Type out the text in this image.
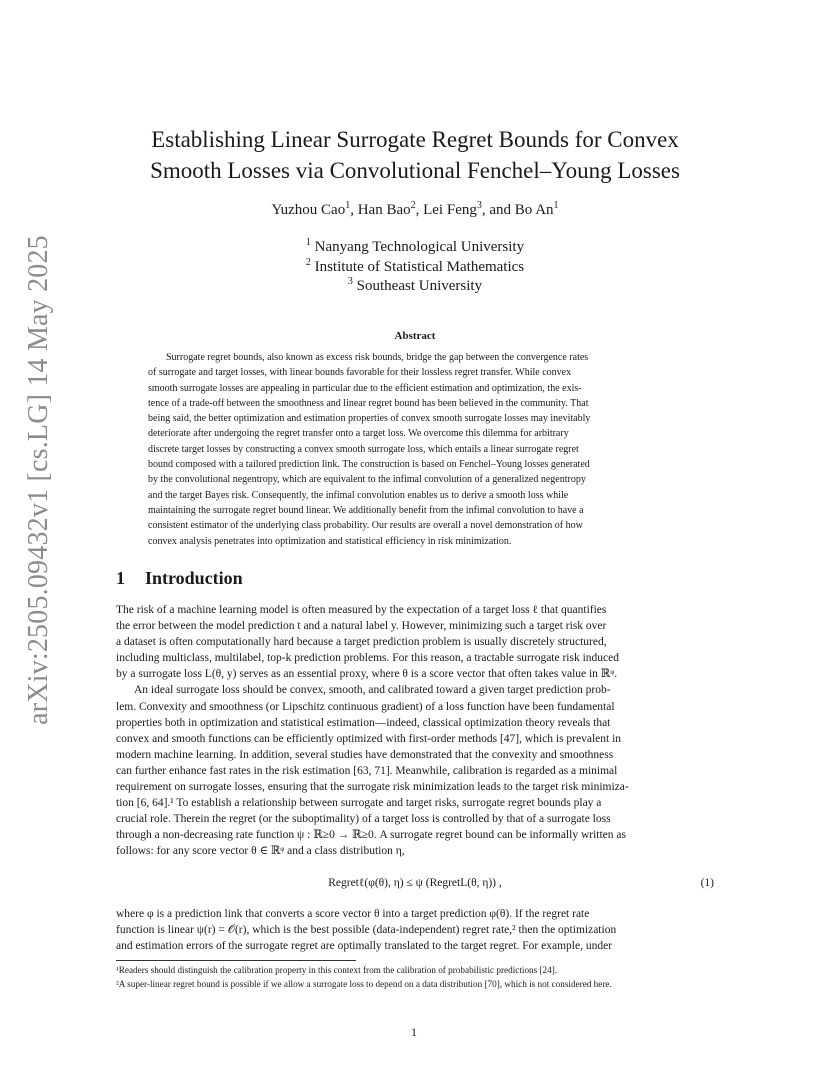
arXiv:2505.09432v1 [cs.LG] 14 May 2025
Establishing Linear Surrogate Regret Bounds for Convex
Smooth Losses via Convolutional Fenchel–Young Losses
Yuzhou Cao$^1$, Han Bao$^2$, Lei Feng$^3$, and Bo An$^1$
$^1$ Nanyang Technological University
$^2$ Institute of Statistical Mathematics
$^3$ Southeast University
Abstract
Surrogate regret bounds, also known as excess risk bounds, bridge the gap between the convergence rates
of surrogate and target losses, with linear bounds favorable for their lossless regret transfer. While convex
smooth surrogate losses are appealing in particular due to the efficient estimation and optimization, the exis-
tence of a trade-off between the smoothness and linear regret bound has been believed in the community. That
being said, the better optimization and estimation properties of convex smooth surrogate losses may inevitably
deteriorate after undergoing the regret transfer onto a target loss. We overcome this dilemma for arbitrary
discrete target losses by constructing a convex smooth surrogate loss, which entails a linear surrogate regret
bound composed with a tailored prediction link. The construction is based on Fenchel–Young losses generated
by the convolutional negentropy, which are equivalent to the infimal convolution of a generalized negentropy
and the target Bayes risk. Consequently, the infimal convolution enables us to derive a smooth loss while
maintaining the surrogate regret bound linear. We additionally benefit from the infimal convolution to have a
consistent estimator of the underlying class probability. Our results are overall a novel demonstration of how
convex analysis penetrates into optimization and statistical efficiency in risk minimization.
1 Introduction
The risk of a machine learning model is often measured by the expectation of a target loss ℓ that quantifies
the error between the model prediction t and a natural label y. However, minimizing such a target risk over
a dataset is often computationally hard because a target prediction problem is usually discretely structured,
including multiclass, multilabel, top-k prediction problems. For this reason, a tractable surrogate risk induced
by a surrogate loss L(θ, y) serves as an essential proxy, where θ is a score vector that often takes value in ℝᵠ.
An ideal surrogate loss should be convex, smooth, and calibrated toward a given target prediction prob-
lem. Convexity and smoothness (or Lipschitz continuous gradient) of a loss function have been fundamental
properties both in optimization and statistical estimation—indeed, classical optimization theory reveals that
convex and smooth functions can be efficiently optimized with first-order methods [47], which is prevalent in
modern machine learning. In addition, several studies have demonstrated that the convexity and smoothness
can further enhance fast rates in the risk estimation [63, 71]. Meanwhile, calibration is regarded as a minimal
requirement on surrogate losses, ensuring that the surrogate risk minimization leads to the target risk minimiza-
tion [6, 64].¹ To establish a relationship between surrogate and target risks, surrogate regret bounds play a
crucial role. Therein the regret (or the suboptimality) of a target loss is controlled by that of a surrogate loss
through a non-decreasing rate function ψ : ℝ≥0 → ℝ≥0. A surrogate regret bound can be informally written as
follows: for any score vector θ ∈ ℝᵠ and a class distribution η,
Regretℓ(φ(θ), η) ≤ ψ (RegretL(θ, η)) ,	(1)
where φ is a prediction link that converts a score vector θ into a target prediction φ(θ). If the regret rate
function is linear ψ(r) = 𝒪(r), which is the best possible (data-independent) regret rate,² then the optimization
and estimation errors of the surrogate regret are optimally translated to the target regret. For example, under
¹Readers should distinguish the calibration property in this context from the calibration of probabilistic predictions [24].
²A super-linear regret bound is possible if we allow a surrogate loss to depend on a data distribution [70], which is not considered here.
1
